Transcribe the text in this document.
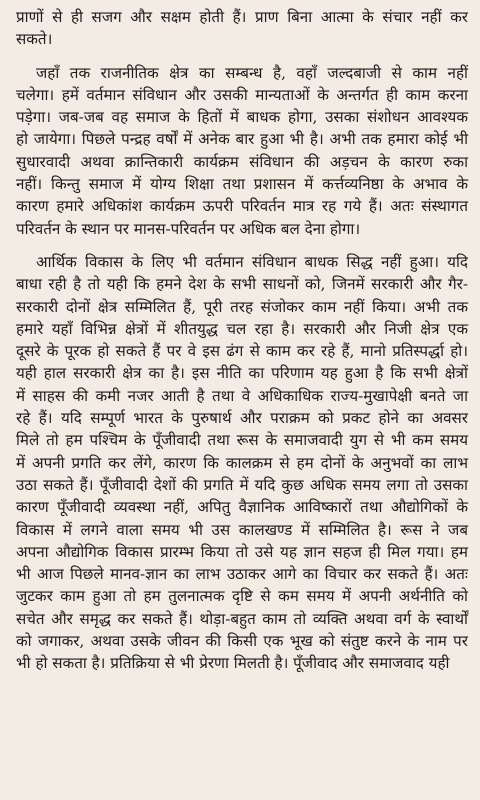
प्राणों से ही सजग और सक्षम होती हैं। प्राण बिना आत्मा के संचार नहीं कर
सकते।

जहाँ तक राजनीतिक क्षेत्र का सम्बन्ध है, वहाँ जल्दबाजी से काम नहीं
चलेगा। हमें वर्तमान संविधान और उसकी मान्यताओं के अन्तर्गत ही काम करना
पड़ेगा। जब-जब वह समाज के हितों में बाधक होगा, उसका संशोधन आवश्यक
हो जायेगा। पिछले पन्द्रह वर्षों में अनेक बार हुआ भी है। अभी तक हमारा कोई भी
सुधारवादी अथवा क्रान्तिकारी कार्यक्रम संविधान की अड़चन के कारण रुका
नहीं। किन्तु समाज में योग्य शिक्षा तथा प्रशासन में कर्त्तव्यनिष्ठा के अभाव के
कारण हमारे अधिकांश कार्यक्रम ऊपरी परिवर्तन मात्र रह गये हैं। अतः संस्थागत
परिवर्तन के स्थान पर मानस-परिवर्तन पर अधिक बल देना होगा।

आर्थिक विकास के लिए भी वर्तमान संविधान बाधक सिद्ध नहीं हुआ। यदि
बाधा रही है तो यही कि हमने देश के सभी साधनों को, जिनमें सरकारी और गैर-
सरकारी दोनों क्षेत्र सम्मिलित हैं, पूरी तरह संजोकर काम नहीं किया। अभी तक
हमारे यहाँ विभिन्न क्षेत्रों में शीतयुद्ध चल रहा है। सरकारी और निजी क्षेत्र एक
दूसरे के पूरक हो सकते हैं पर वे इस ढंग से काम कर रहे हैं, मानो प्रतिस्पर्द्धा हो।
यही हाल सरकारी क्षेत्र का है। इस नीति का परिणाम यह हुआ है कि सभी क्षेत्रों
में साहस की कमी नजर आती है तथा वे अधिकाधिक राज्य-मुखापेक्षी बनते जा
रहे हैं। यदि सम्पूर्ण भारत के पुरुषार्थ और पराक्रम को प्रकट होने का अवसर
मिले तो हम पश्चिम के पूँजीवादी तथा रूस के समाजवादी युग से भी कम समय
में अपनी प्रगति कर लेंगे, कारण कि कालक्रम से हम दोनों के अनुभवों का लाभ
उठा सकते हैं। पूँजीवादी देशों की प्रगति में यदि कुछ अधिक समय लगा तो उसका
कारण पूँजीवादी व्यवस्था नहीं, अपितु वैज्ञानिक आविष्कारों तथा औद्योगिकों के
विकास में लगने वाला समय भी उस कालखण्ड में सम्मिलित है। रूस ने जब
अपना औद्योगिक विकास प्रारम्भ किया तो उसे यह ज्ञान सहज ही मिल गया। हम
भी आज पिछले मानव-ज्ञान का लाभ उठाकर आगे का विचार कर सकते हैं। अतः
जुटकर काम हुआ तो हम तुलनात्मक दृष्टि से कम समय में अपनी अर्थनीति को
सचेत और समृद्ध कर सकते हैं। थोड़ा-बहुत काम तो व्यक्ति अथवा वर्ग के स्वार्थों
को जगाकर, अथवा उसके जीवन की किसी एक भूख को संतुष्ट करने के नाम पर
भी हो सकता है। प्रतिक्रिया से भी प्रेरणा मिलती है। पूँजीवाद और समाजवाद यही
